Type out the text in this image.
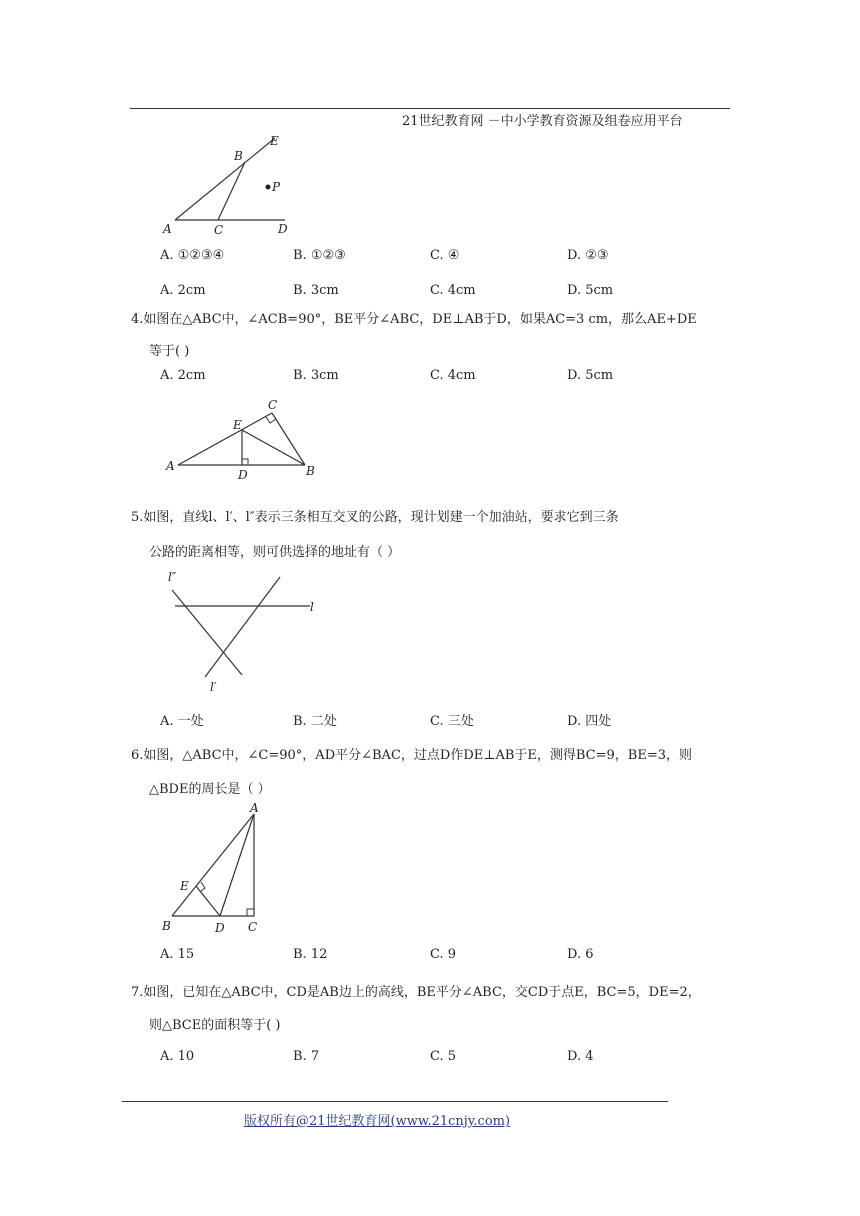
21世纪教育网 －中小学教育资源及组卷应用平台
E
B
P
A	C	D
A. ①②③④	B. ①②③	C. ④	D. ②③
A. 2cm	B. 3cm	C. 4cm	D. 5cm
4.如图在△ABC中，∠ACB=90°，BE平分∠ABC，DE⊥AB于D，如果AC=3 cm，那么AE+DE
等于( )
A. 2cm	B. 3cm	C. 4cm	D. 5cm
C
E
A
D	B
5.如图，直线l、l′、l″表示三条相互交叉的公路，现计划建一个加油站，要求它到三条
公路的距离相等，则可供选择的地址有（ ）
l″
l
l′
A. 一处	B. 二处	C. 三处	D. 四处
6.如图，△ABC中，∠C=90°，AD平分∠BAC，过点D作DE⊥AB于E，测得BC=9，BE=3，则
△BDE的周长是（ ）
A
E
B	D C
A. 15	B. 12	C. 9	D. 6
7.如图，已知在△ABC中，CD是AB边上的高线，BE平分∠ABC，交CD于点E，BC=5，DE=2，
则△BCE的面积等于( )
A. 10	B. 7	C. 5	D. 4
版权所有@21世纪教育网(www.21cnjy.com)
